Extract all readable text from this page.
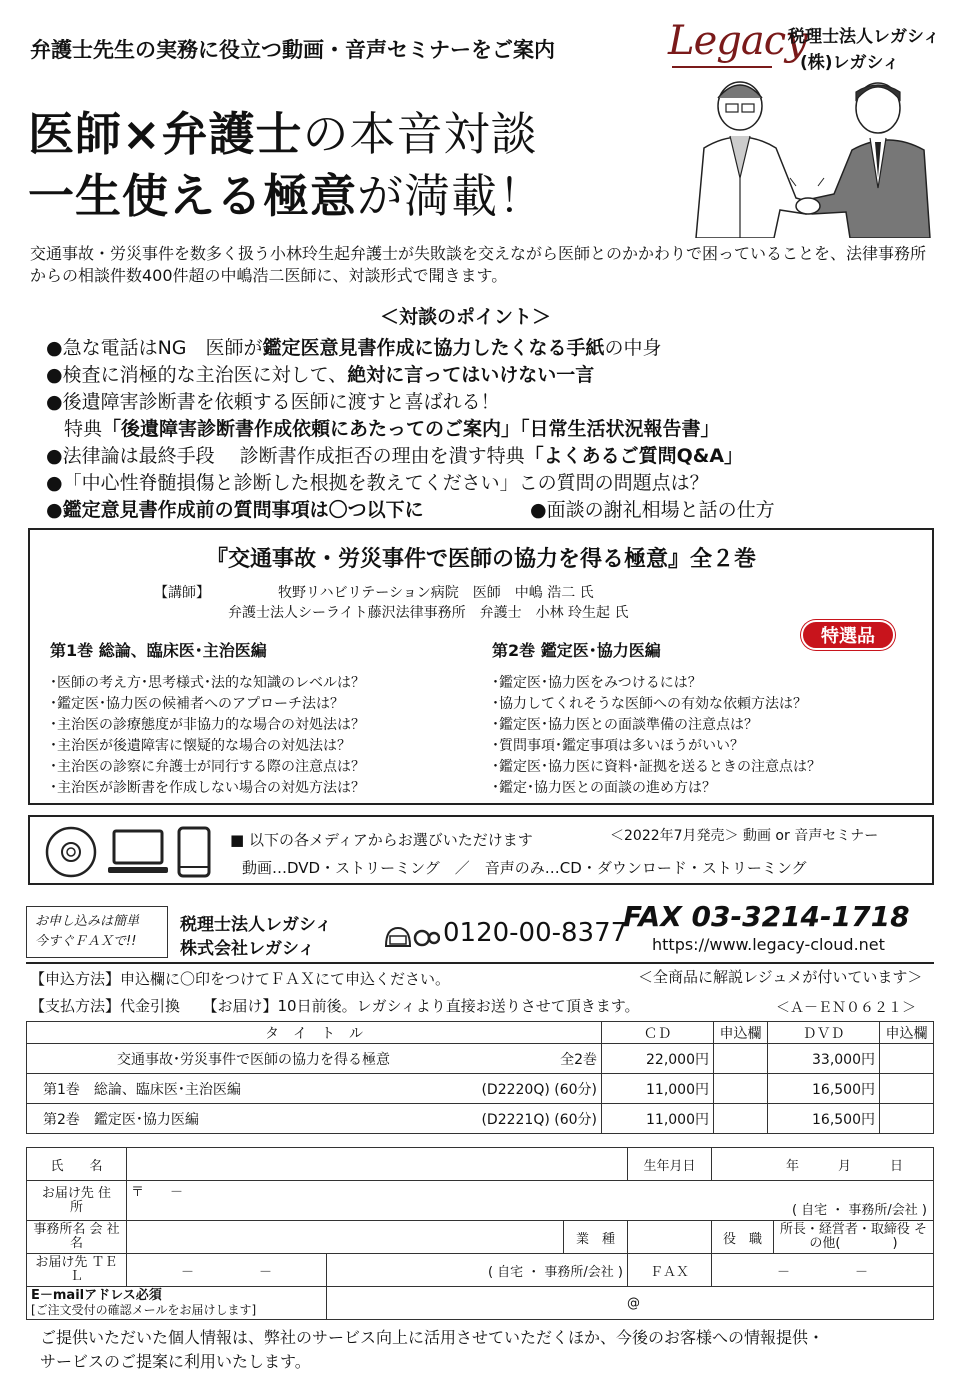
弁護士先生の実務に役立つ動画・音声セミナーをご案内	Legacy
税理士法人レガシィ
(株)レガシィ
医師×弁護士の本音対談
一生使える極意が満載！
交通事故・労災事件を数多く扱う小林玲生起弁護士が失敗談を交えながら医師とのかかわりで困っていることを、法律事務所からの相談件数400件超の中嶋浩二医師に、対談形式で聞きます。
＜対談のポイント＞
●急な電話はNG　医師が鑑定医意見書作成に協力したくなる手紙の中身
●検査に消極的な主治医に対して、絶対に言ってはいけない一言
●後遺障害診断書を依頼する医師に渡すと喜ばれる！
特典「後遺障害診断書作成依頼にあたってのご案内」「日常生活状況報告書」
●法律論は最終手段　 診断書作成拒否の理由を潰す特典「よくあるご質問Q&A」
●「中心性脊髄損傷と診断した根拠を教えてください」この質問の問題点は？
●鑑定意見書作成前の質問事項は〇つ以下に	●面談の謝礼相場と話の仕方
『交通事故・労災事件で医師の協力を得る極意』全２巻
【講師】	牧野リハビリテーション病院　医師　中嶋 浩二 氏
弁護士法人シーライト藤沢法律事務所　弁護士　小林 玲生起 氏
特選品
第1巻 総論、臨床医･主治医編	第2巻 鑑定医･協力医編
･医師の考え方･思考様式･法的な知識のレベルは？
･鑑定医･協力医の候補者へのアプローチ法は？
･主治医の診療態度が非協力的な場合の対処法は？
･主治医が後遺障害に懐疑的な場合の対処法は？
･主治医の診察に弁護士が同行する際の注意点は？
･主治医が診断書を作成しない場合の対処方法は？
･鑑定医･協力医をみつけるには？
･協力してくれそうな医師への有効な依頼方法は？
･鑑定医･協力医との面談準備の注意点は？
･質問事項･鑑定事項は多いほうがいい？
･鑑定医･協力医に資料･証拠を送るときの注意点は？
･鑑定･協力医との面談の進め方は？
■ 以下の各メディアからお選びいただけます	＜2022年7月発売＞ 動画 or 音声セミナー
動画…DVD・ストリーミング　／　音声のみ…CD・ダウンロード・ストリーミング
お申し込みは簡単
今すぐＦＡＸで!!
税理士法人レガシィ
株式会社レガシィ
0120-00-8377
FAX 03-3214-1718
https://www.legacy-cloud.net
【申込方法】申込欄に〇印をつけてＦＡＸにて申込ください。	＜全商品に解説レジュメが付いています＞
【支払方法】代金引換　　【お届け】10日前後。レガシィより直接お送りさせて頂きます。	＜Ａ－ＥＮ０６２１＞
タ　イ　ト　ル		ＣＤ	申込欄	ＤＶＤ	申込欄
交通事故･労災事件で医師の協力を得る極意	全2巻	22,000円		33,000円	
第1巻　総論、臨床医･主治医編	(D2220Q) (60分)	11,000円		16,500円	
第2巻　鑑定医･協力医編	(D2221Q) (60分)	11,000円		16,500円	
氏　　名				生年月日	年　　　月　　　日	
お届け先 住　所	〒　　－
( 自宅 ・ 事務所/会社 )					

事務所名 会 社 名			業　種		役　職	所長・経営者・取締役 その他(　　　　)
お届け先 ＴＥＬ	－　　　　　－	( 自宅 ・ 事務所/会社 )		ＦＡＸ	－　　　　　－	

E－mailアドレス必須
[ご注文受付の確認メールをお届けします]		@				
ご提供いただいた個人情報は、弊社のサービス向上に活用させていただくほか、今後のお客様への情報提供・
サービスのご提案に利用いたします。
